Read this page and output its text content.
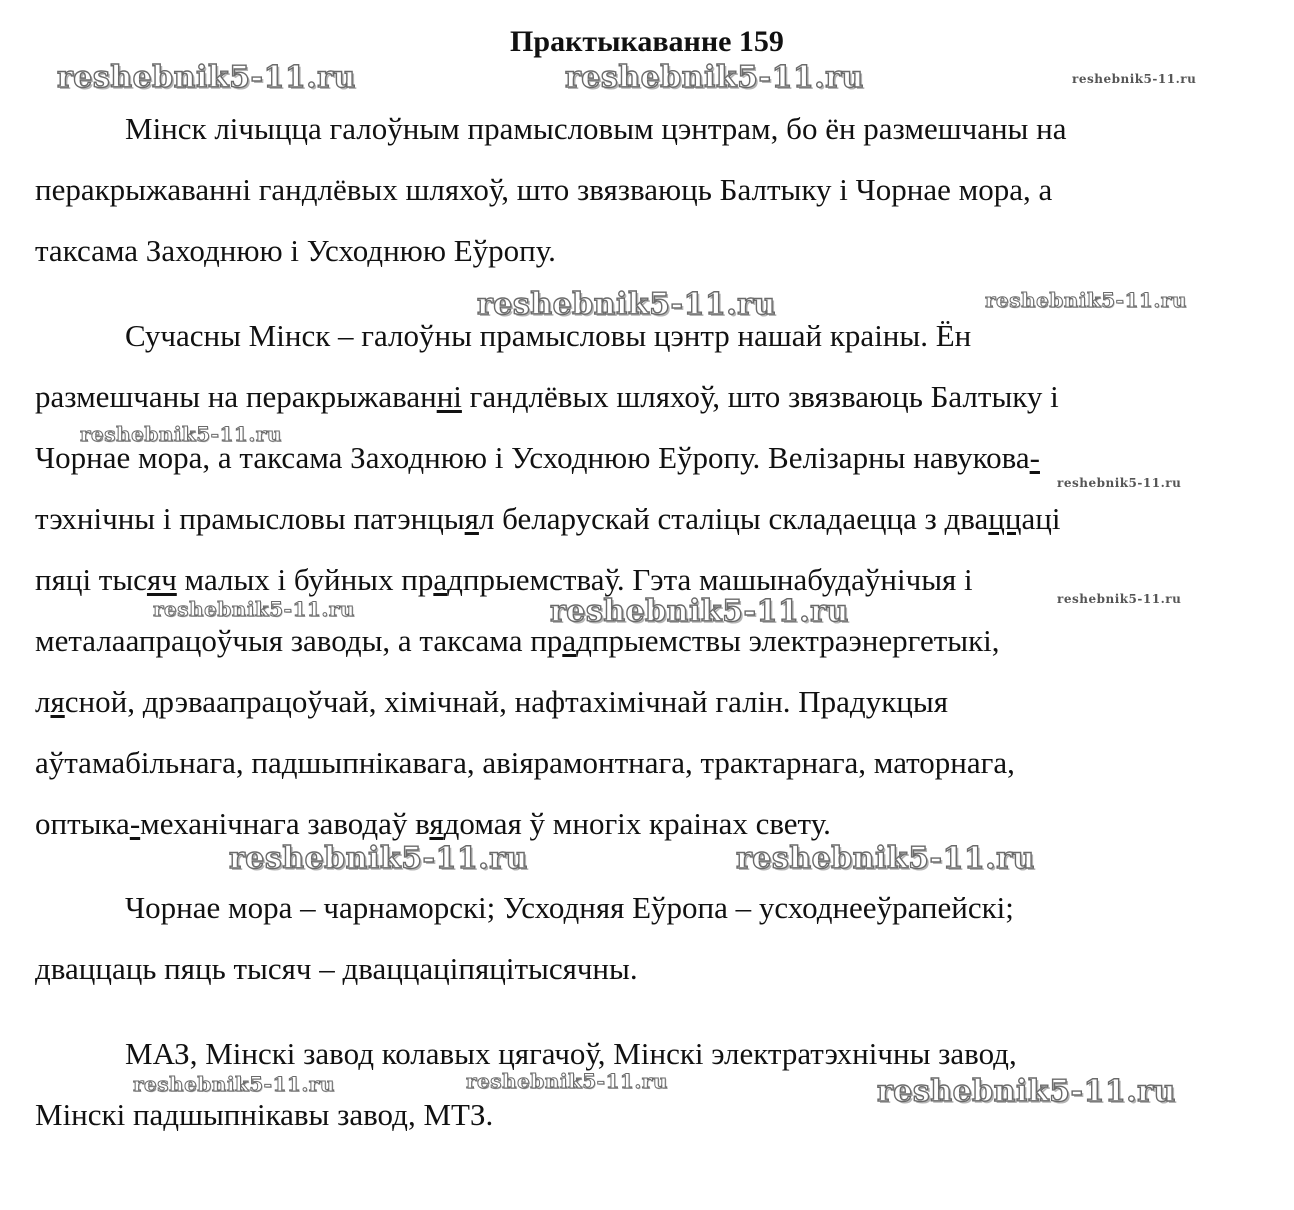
Практыкаванне 159

Мінск лічыцца галоўным прамысловым цэнтрам, бо ён размешчаны на
перакрыжаванні гандлёвых шляхоў, што звязваюць Балтыку і Чорнае мора, а
таксама Заходнюю і Усходнюю Еўропу.

Сучасны Мінск – галоўны прамысловы цэнтр нашай краіны. Ён
размешчаны на перакрыжаванні гандлёвых шляхоў, што звязваюць Балтыку і
Чорнае мора, а таксама Заходнюю і Усходнюю Еўропу. Велізарны навукова-
тэхнічны і прамысловы патэнцыял беларускай сталіцы складаецца з дваццаці
пяці тысяч малых і буйных прадпрыемстваў. Гэта машынабудаўнічыя і
металаапрацоўчыя заводы, а таксама прадпрыемствы электраэнергетыкі,
лясной, дрэваапрацоўчай, хімічнай, нафтахімічнай галін. Прадукцыя
аўтамабільнага, падшыпнікавага, авіярамонтнага, трактарнага, маторнага,
оптыка-механічнага заводаў вядомая ў многіх краінах свету.

Чорнае мора – чарнаморскі; Усходняя Еўропа – усходнееўрапейскі;
дваццаць пяць тысяч – дваццаціпяцітысячны.

МАЗ, Мінскі завод колавых цягачоў, Мінскі электратэхнічны завод,
Мінскі падшыпнікавы завод, МТЗ.

reshebnik5-11.ru	reshebnik5-11.ru	reshebnik5-11.ru
reshebnik5-11.ru	reshebnik5-11.ru
reshebnik5-11.ru
reshebnik5-11.ru
reshebnik5-11.ru	reshebnik5-11.ru	reshebnik5-11.ru
reshebnik5-11.ru	reshebnik5-11.ru
reshebnik5-11.ru	reshebnik5-11.ru	reshebnik5-11.ru
